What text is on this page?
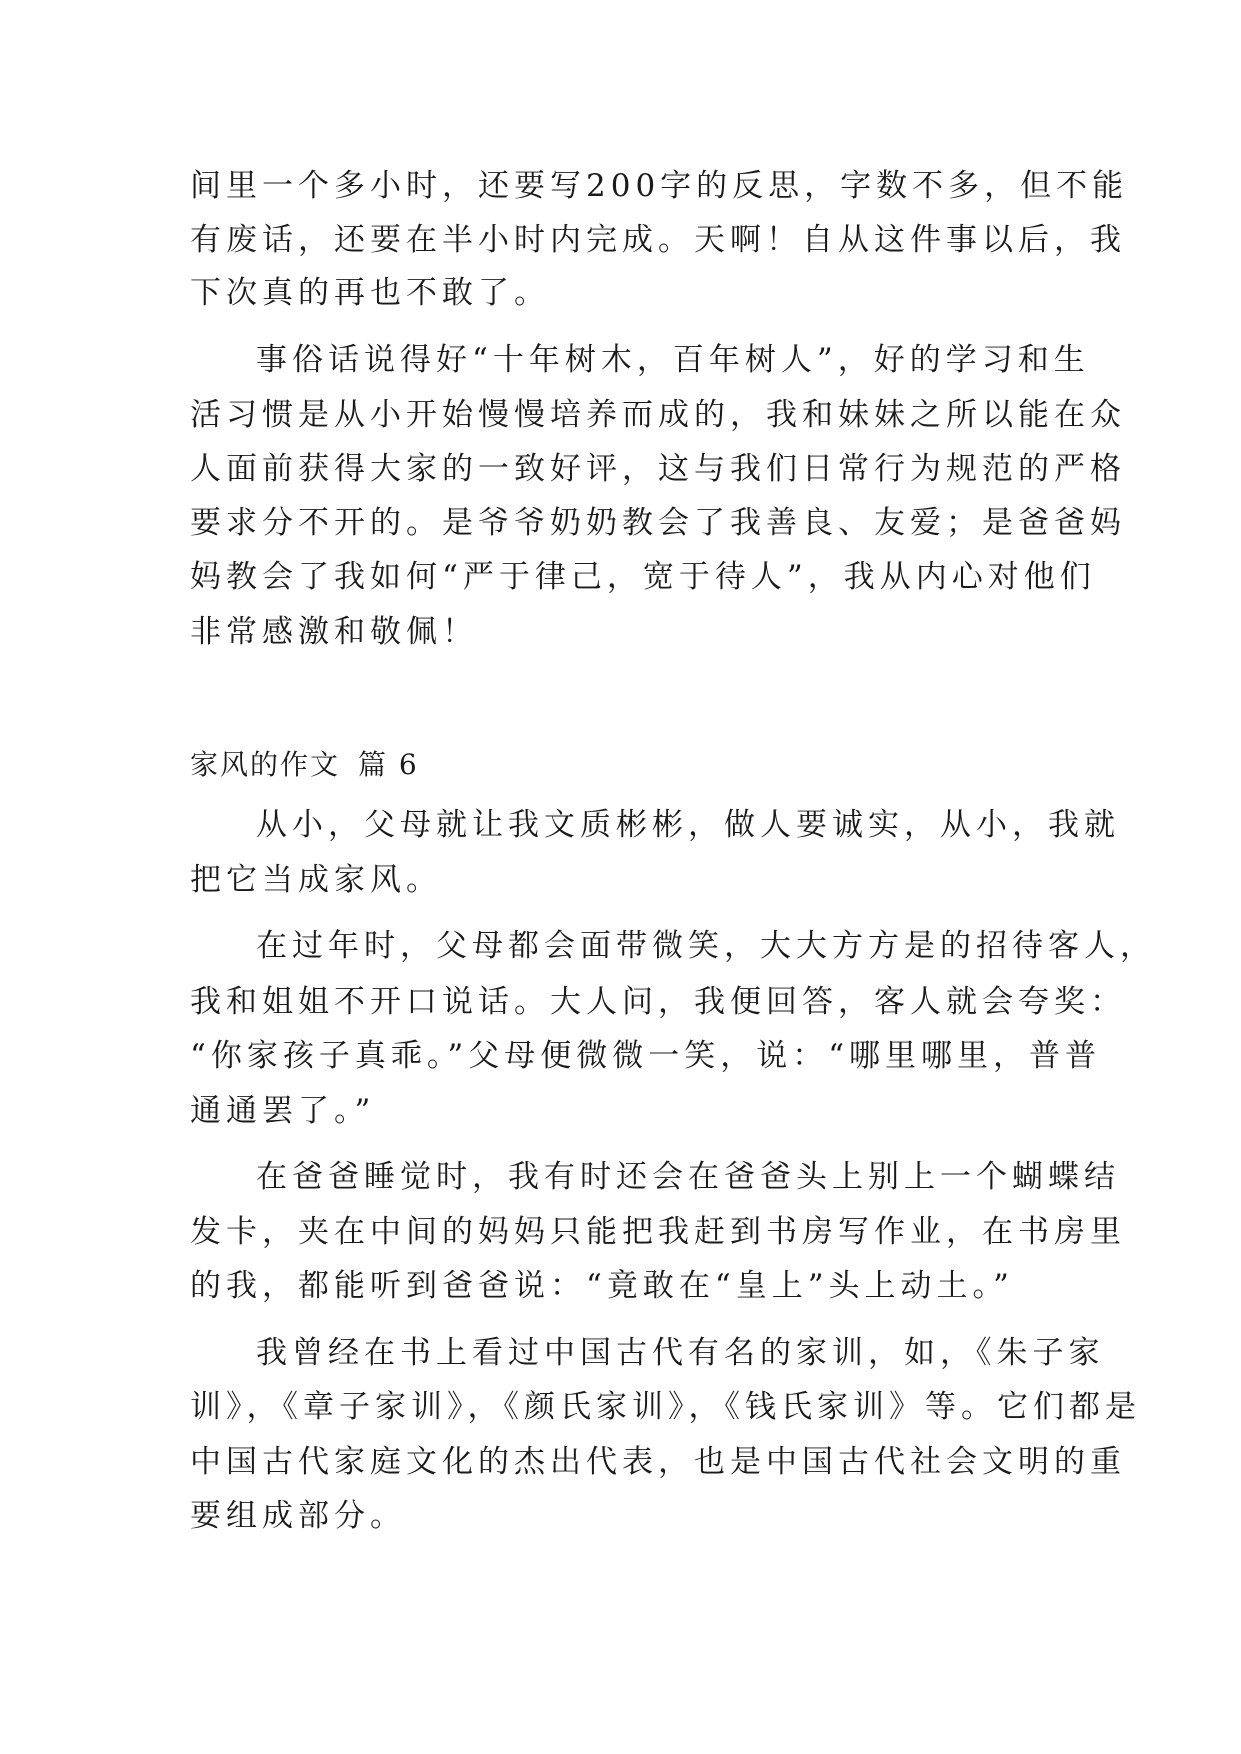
间里一个多小时，还要写200字的反思，字数不多，但不能
有废话，还要在半小时内完成。天啊！自从这件事以后，我
下次真的再也不敢了。
事俗话说得好“十年树木，百年树人”，好的学习和生
活习惯是从小开始慢慢培养而成的，我和妹妹之所以能在众
人面前获得大家的一致好评，这与我们日常行为规范的严格
要求分不开的。是爷爷奶奶教会了我善良、友爱；是爸爸妈
妈教会了我如何“严于律己，宽于待人”，我从内心对他们
非常感激和敬佩！
家风的作文 篇 6
从小，父母就让我文质彬彬，做人要诚实，从小，我就
把它当成家风。
在过年时，父母都会面带微笑，大大方方是的招待客人，
我和姐姐不开口说话。大人问，我便回答，客人就会夸奖：
“你家孩子真乖。”父母便微微一笑，说：“哪里哪里，普普
通通罢了。”
在爸爸睡觉时，我有时还会在爸爸头上别上一个蝴蝶结
发卡，夹在中间的妈妈只能把我赶到书房写作业，在书房里
的我，都能听到爸爸说：“竟敢在“皇上”头上动土。”
我曾经在书上看过中国古代有名的家训，如，《朱子家
训》，《章子家训》，《颜氏家训》，《钱氏家训》等。它们都是
中国古代家庭文化的杰出代表，也是中国古代社会文明的重
要组成部分。
